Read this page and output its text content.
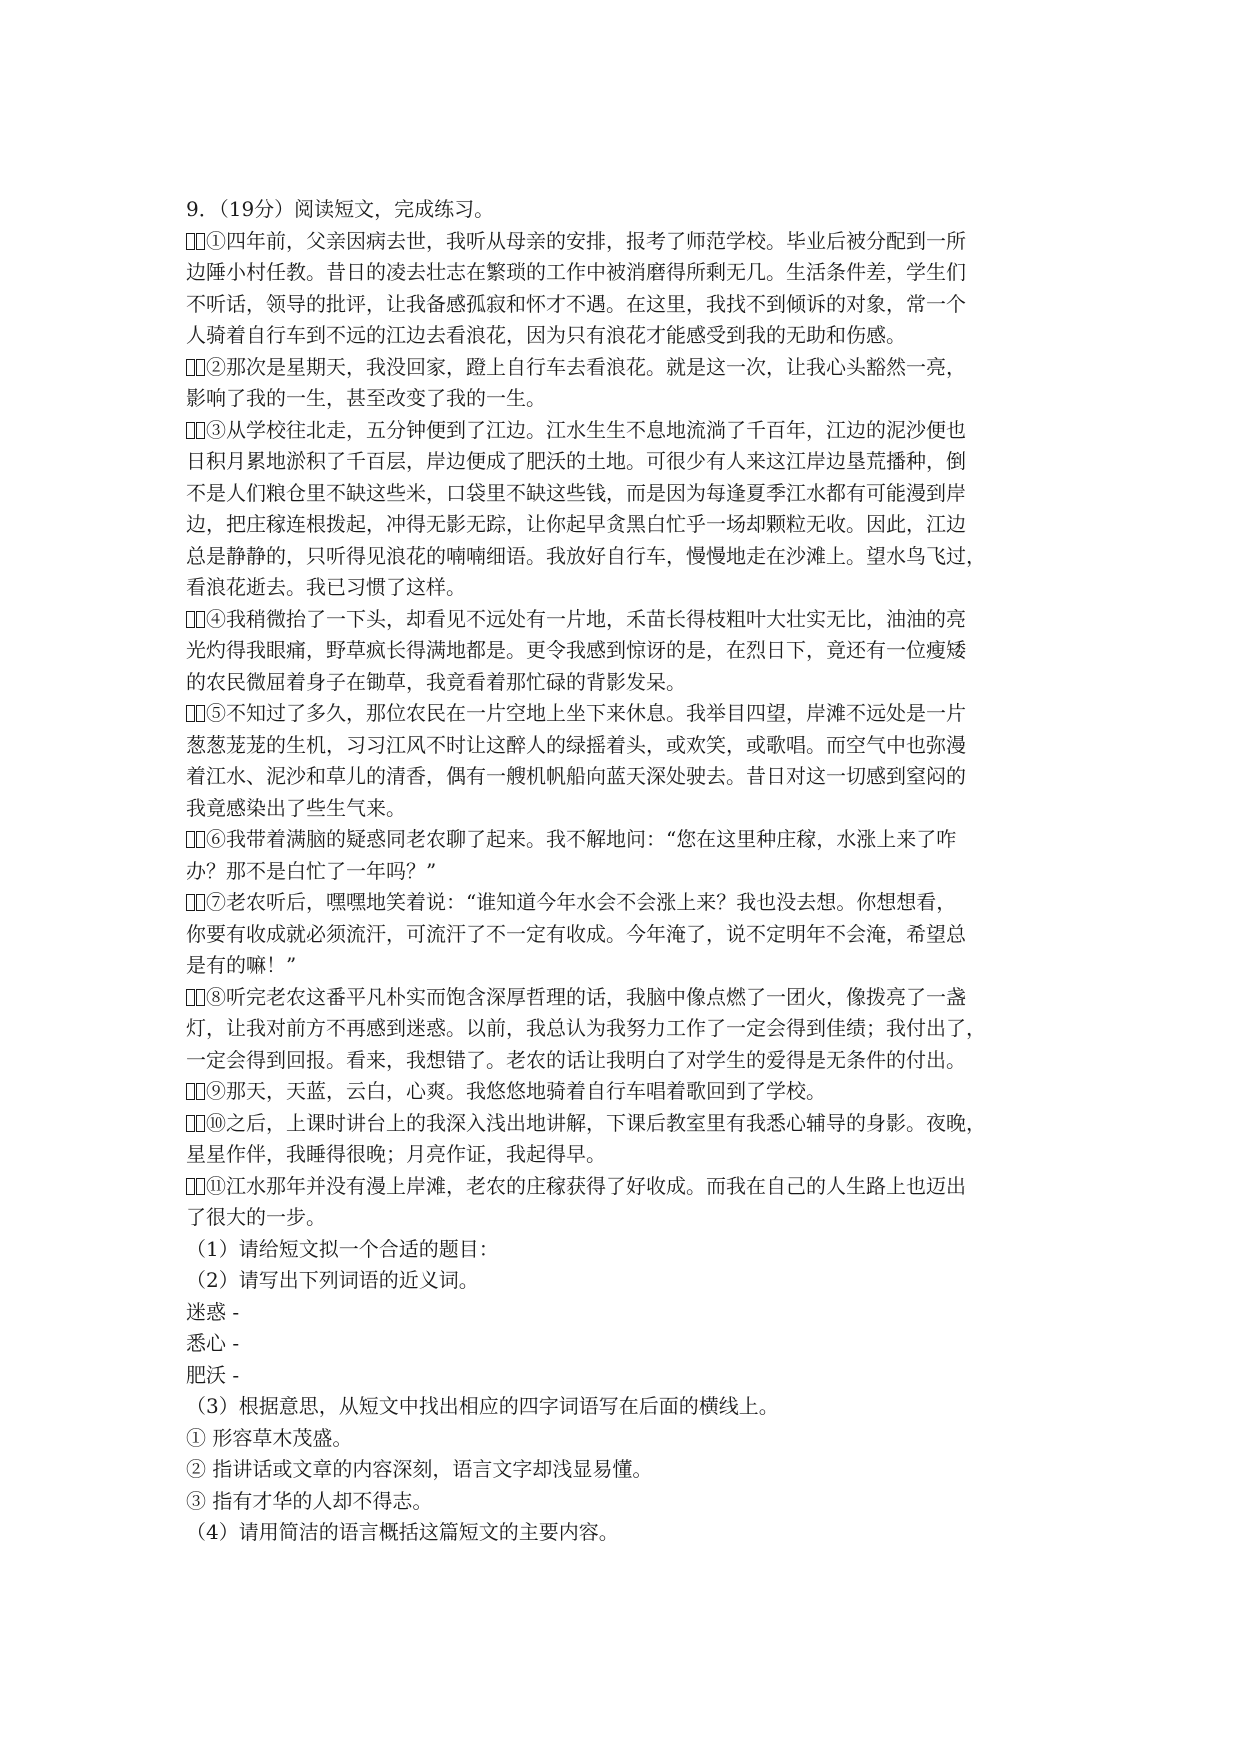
9．（19分）阅读短文，完成练习。
①四年前，父亲因病去世，我听从母亲的安排，报考了师范学校。毕业后被分配到一所
边陲小村任教。昔日的凌去壮志在繁琐的工作中被消磨得所剩无几。生活条件差，学生们
不听话，领导的批评，让我备感孤寂和怀才不遇。在这里，我找不到倾诉的对象，常一个
人骑着自行车到不远的江边去看浪花，因为只有浪花才能感受到我的无助和伤感。
②那次是星期天，我没回家，蹬上自行车去看浪花。就是这一次，让我心头豁然一亮，
影响了我的一生，甚至改变了我的一生。
③从学校往北走，五分钟便到了江边。江水生生不息地流淌了千百年，江边的泥沙便也
日积月累地淤积了千百层，岸边便成了肥沃的土地。可很少有人来这江岸边垦荒播种，倒
不是人们粮仓里不缺这些米，口袋里不缺这些钱，而是因为每逢夏季江水都有可能漫到岸
边，把庄稼连根拨起，冲得无影无踪，让你起早贪黑白忙乎一场却颗粒无收。因此，江边
总是静静的，只听得见浪花的喃喃细语。我放好自行车，慢慢地走在沙滩上。望水鸟飞过，
看浪花逝去。我已习惯了这样。
④我稍微抬了一下头，却看见不远处有一片地，禾苗长得枝粗叶大壮实无比，油油的亮
光灼得我眼痛，野草疯长得满地都是。更令我感到惊讶的是，在烈日下，竟还有一位瘦矮
的农民微屈着身子在锄草，我竟看着那忙碌的背影发呆。
⑤不知过了多久，那位农民在一片空地上坐下来休息。我举目四望，岸滩不远处是一片
葱葱茏茏的生机，习习江风不时让这醉人的绿摇着头，或欢笑，或歌唱。而空气中也弥漫
着江水、泥沙和草儿的清香，偶有一艘机帆船向蓝天深处驶去。昔日对这一切感到窒闷的
我竟感染出了些生气来。
⑥我带着满脑的疑惑同老农聊了起来。我不解地问：“您在这里种庄稼，水涨上来了咋
办？那不是白忙了一年吗？”
⑦老农听后，嘿嘿地笑着说：“谁知道今年水会不会涨上来？我也没去想。你想想看，
你要有收成就必须流汗，可流汗了不一定有收成。今年淹了，说不定明年不会淹，希望总
是有的嘛！”
⑧听完老农这番平凡朴实而饱含深厚哲理的话，我脑中像点燃了一团火，像拨亮了一盏
灯，让我对前方不再感到迷惑。以前，我总认为我努力工作了一定会得到佳绩；我付出了，
一定会得到回报。看来，我想错了。老农的话让我明白了对学生的爱得是无条件的付出。
⑨那天，天蓝，云白，心爽。我悠悠地骑着自行车唱着歌回到了学校。
⑩之后，上课时讲台上的我深入浅出地讲解，下课后教室里有我悉心辅导的身影。夜晚，
星星作伴，我睡得很晚；月亮作证，我起得早。
⑪江水那年并没有漫上岸滩，老农的庄稼获得了好收成。而我在自己的人生路上也迈出
了很大的一步。
（1）请给短文拟一个合适的题目：
（2）请写出下列词语的近义词。
迷惑 -
悉心 -
肥沃 -
（3）根据意思，从短文中找出相应的四字词语写在后面的横线上。
① 形容草木茂盛。
② 指讲话或文章的内容深刻，语言文字却浅显易懂。
③ 指有才华的人却不得志。
（4）请用简洁的语言概括这篇短文的主要内容。
